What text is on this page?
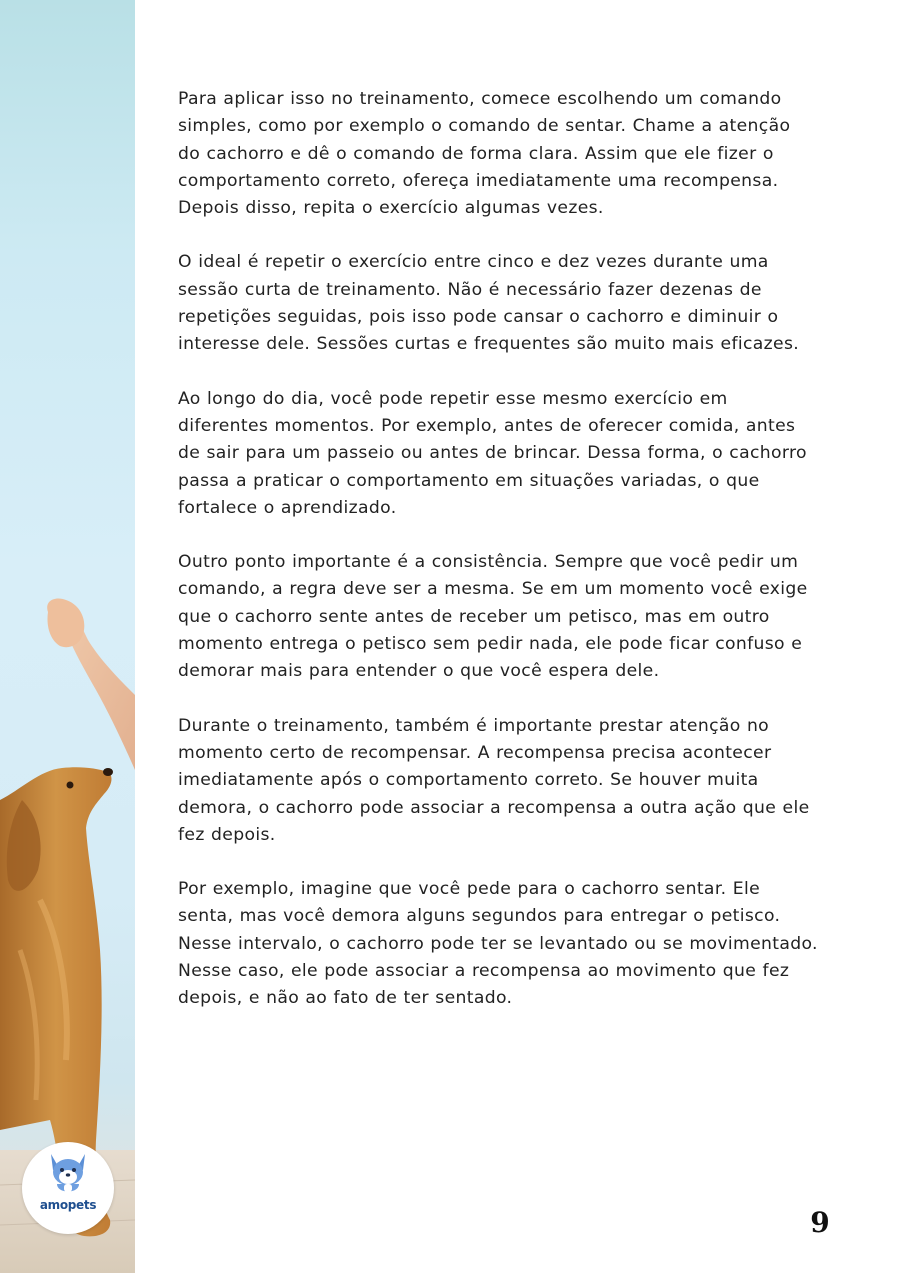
amopets

Para aplicar isso no treinamento, comece escolhendo um comando simples, como por exemplo o comando de sentar. Chame a atenção do cachorro e dê o comando de forma clara. Assim que ele fizer o comportamento correto, ofereça imediatamente uma recompensa. Depois disso, repita o exercício algumas vezes.

O ideal é repetir o exercício entre cinco e dez vezes durante uma sessão curta de treinamento. Não é necessário fazer dezenas de repetições seguidas, pois isso pode cansar o cachorro e diminuir o interesse dele. Sessões curtas e frequentes são muito mais eficazes.

Ao longo do dia, você pode repetir esse mesmo exercício em diferentes momentos. Por exemplo, antes de oferecer comida, antes de sair para um passeio ou antes de brincar. Dessa forma, o cachorro passa a praticar o comportamento em situações variadas, o que fortalece o aprendizado.

Outro ponto importante é a consistência. Sempre que você pedir um comando, a regra deve ser a mesma. Se em um momento você exige que o cachorro sente antes de receber um petisco, mas em outro momento entrega o petisco sem pedir nada, ele pode ficar confuso e demorar mais para entender o que você espera dele.

Durante o treinamento, também é importante prestar atenção no momento certo de recompensar. A recompensa precisa acontecer imediatamente após o comportamento correto. Se houver muita demora, o cachorro pode associar a recompensa a outra ação que ele fez depois.

Por exemplo, imagine que você pede para o cachorro sentar. Ele senta, mas você demora alguns segundos para entregar o petisco. Nesse intervalo, o cachorro pode ter se levantado ou se movimentado. Nesse caso, ele pode associar a recompensa ao movimento que fez depois, e não ao fato de ter sentado.

9
